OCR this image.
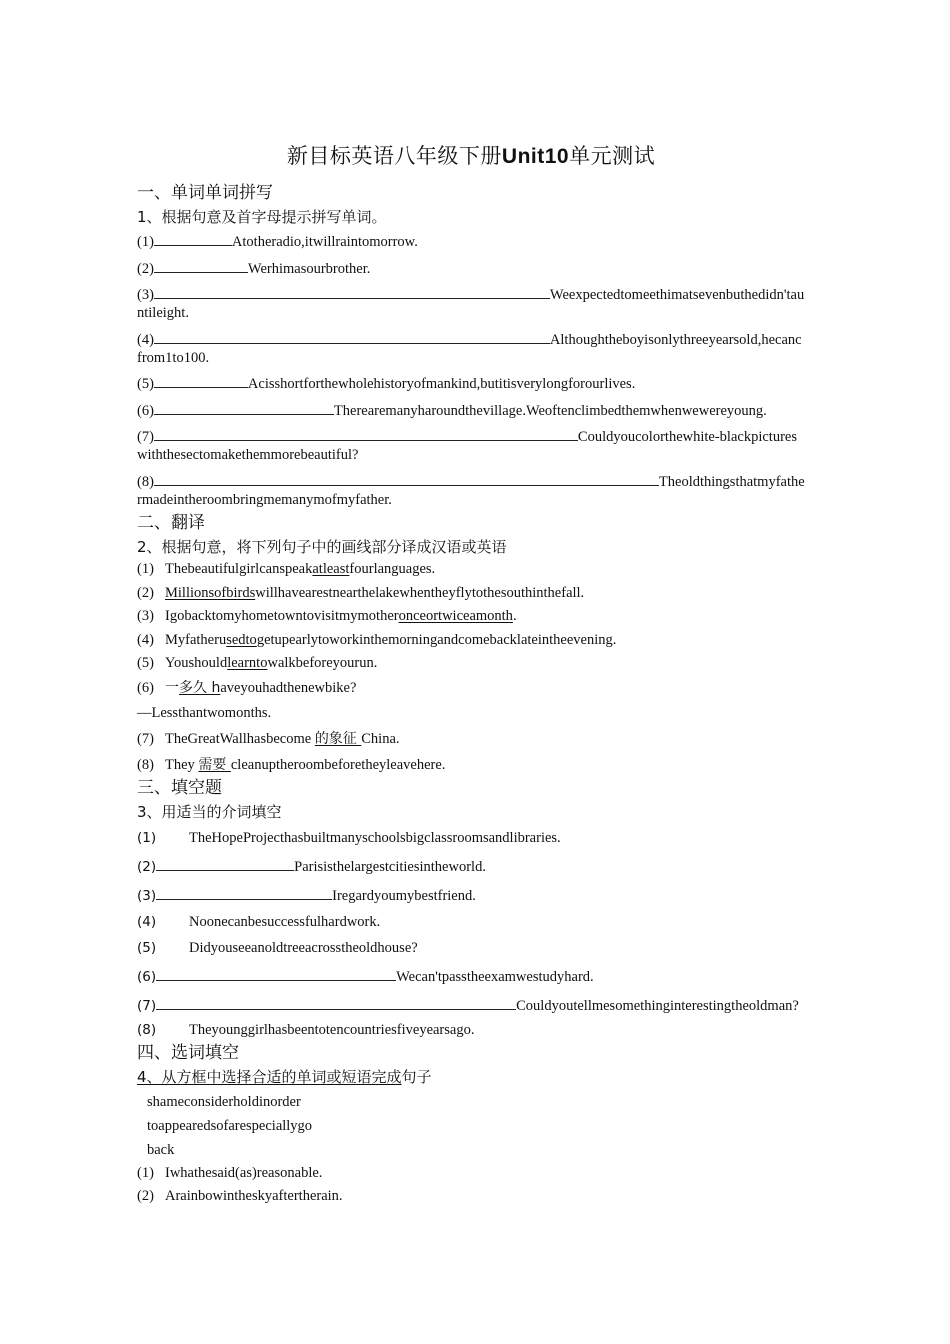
新目标英语八年级下册Unit10单元测试
一、单词单词拼写
1、根据句意及首字母提示拼写单词。
(1)	Atotheradio,itwillraintomorrow.
(2)	Werhimasourbrother.
(3)	Weexpectedtomeethimatsevenbuthedidn'tauntileight.
(4)	Althoughtheboyisonlythreeyearsold,hecancfrom1to100.
(5)	Acisshortforthewholehistoryofmankind,butitisverylongforourlives.
(6)	Therearemanyharoundthevillage.Weoftenclimbedthemwhenwewereyoung.
(7)	Couldyoucolorthewhite-blackpictureswiththesectomakethemmorebeautiful?
(8)	Theoldthingsthatmyfathermadeintheroombringmemanymofmyfather.
二、翻译
2、根据句意，将下列句子中的画线部分译成汉语或英语
(1) Thebeautifulgirlcanspeakatleastfourlanguages.
(2) Millionsofbirdswillhavearestnearthelakewhentheyflytothesouthinthefall.
(3) Igobacktomyhometowntovisitmymotheronceortwiceamonth.
(4) Myfatherusedtogetupearlytoworkinthemorningandcomebacklateintheevening.
(5) Youshouldlearntowalkbeforeyourun.
(6) 一多久 haveyouhadthenewbike?
—Lessthantwomonths.
(7) TheGreatWallhasbecome 的象征 China.
(8) They 需要 cleanuptheroombeforetheyleavehere.
三、填空题
3、用适当的介词填空
(1) TheHopeProjecthasbuiltmanyschoolsbigclassroomsandlibraries.
(2)	Parisisthelargestcitiesintheworld.
(3)	Iregardyoumybestfriend.
(4) Noonecanbesuccessfulhardwork.
(5) Didyouseeanoldtreeacrosstheoldhouse?
(6)	Wecan'tpasstheexamwestudyhard.
(7)	Couldyoutellmesomethinginterestingtheoldman?
(8) Theyounggirlhasbeentotencountriesfiveyearsago.
四、选词填空
4、从方框中选择合适的单词或短语完成句子
shameconsiderholdinorder
toappearedsofarespeciallygo
back
(1) Iwhathesaid(as)reasonable.
(2) Arainbowintheskyaftertherain.
